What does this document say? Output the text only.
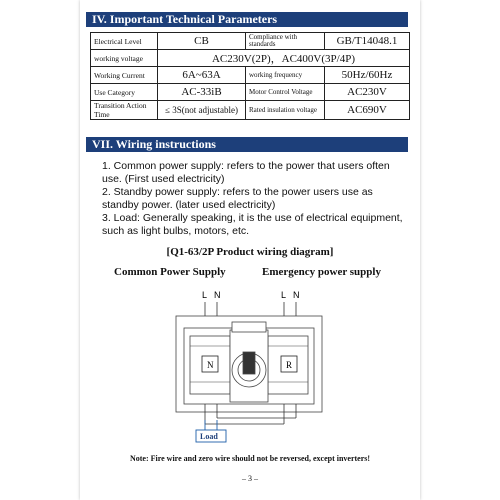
IV. Important Technical Parameters
Electrical Level	CB	Compliance with standards	GB/T14048.1
working voltage	AC230V(2P)，AC400V(3P/4P)		
Working Current	6A~63A	working frequency	50Hz/60Hz
Use Category	AC-33iB	Motor Control Voltage	AC230V
Transition Action Time	≤ 3S(not adjustable)	Rated insulation voltage	AC690V
VII. Wiring instructions

1. Common power supply: refers to the power that users often use. (First used electricity)

2. Standby power supply: refers to the power users use as standby power. (later used electricity)

3. Load: Generally speaking, it is the use of electrical equipment, such as light bulbs, motors, etc.

[Q1-63/2P Product wiring diagram]
Common Power Supply	Emergency power supply
L N	L N
N	R
Load
Note: Fire wire and zero wire should not be reversed, except inverters!
– 3 –
